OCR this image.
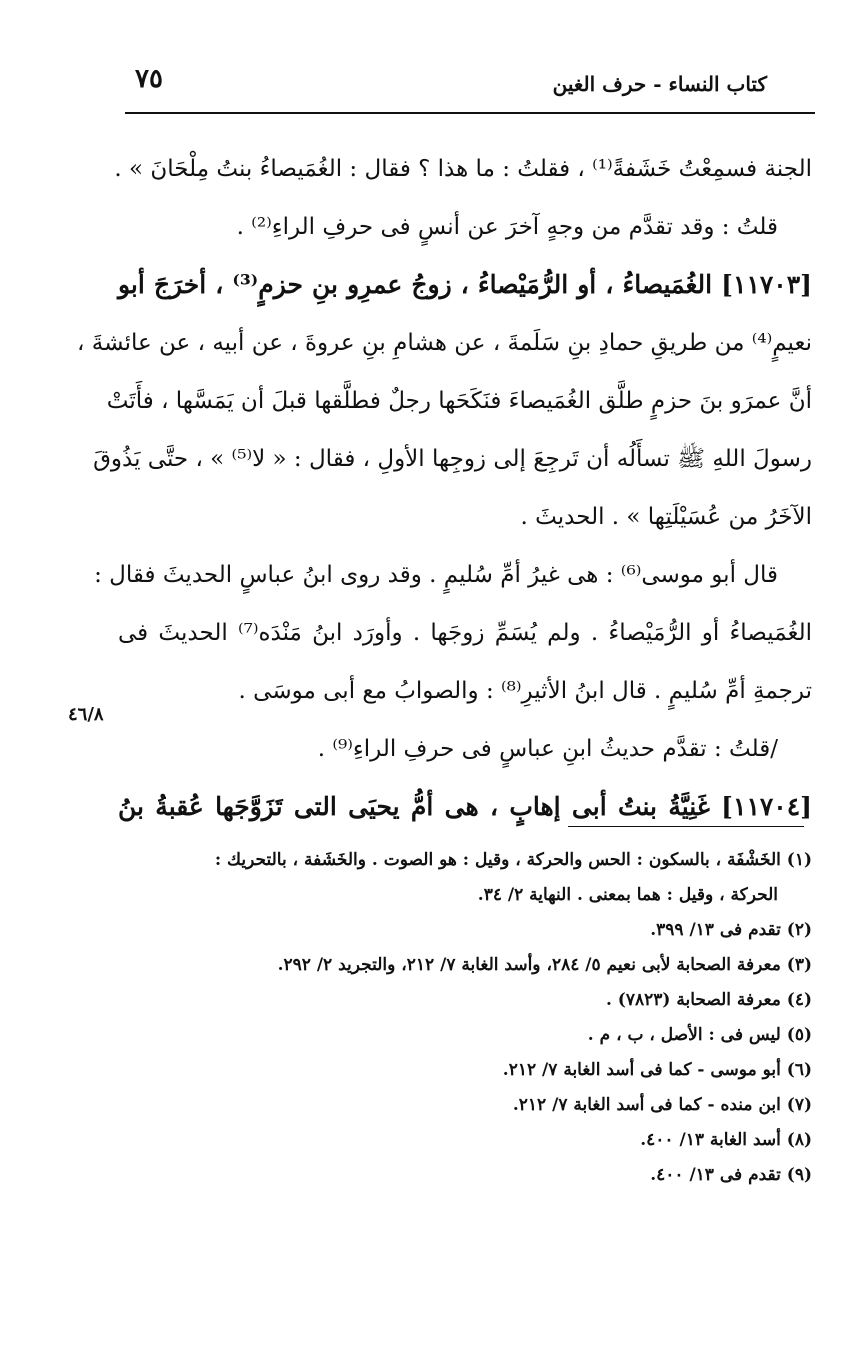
٧٥	كتاب النساء - حرف الغين
الجنة فسمِعْتُ خَشَفةً⁽¹⁾ ، فقلتُ : ما هذا ؟ فقال : الغُمَيصاءُ بنتُ مِلْحَانَ » .
قلتُ : وقد تقدَّم من وجهٍ آخرَ عن أنسٍ فى حرفِ الراءِ⁽²⁾ .
[١١٧٠٣] الغُمَيصاءُ ، أو الرُّمَيْصاءُ ، زوجُ عمرِو بنِ حزمٍ⁽³⁾ ، أخرَجَ أبو
نعيمٍ⁽⁴⁾ من طريقِ حمادِ بنِ سَلَمةَ ، عن هشامِ بنِ عروةَ ، عن أبيه ، عن عائشةَ ،
أنَّ عمرَو بنَ حزمٍ طلَّق الغُمَيصاءَ فنَكَحَها رجلٌ فطلَّقها قبلَ أن يَمَسَّها ، فأَتَتْ
رسولَ اللهِ ﷺ تسأَلُه أن تَرجِعَ إلى زوجِها الأولِ ، فقال : « لا⁽⁵⁾ » ، حتَّى يَذُوقَ
الآخَرُ من عُسَيْلَتِها » . الحديثَ .
قال أبو موسى⁽⁶⁾ : هى غيرُ أمِّ سُليمٍ . وقد روى ابنُ عباسٍ الحديثَ فقال :
الغُمَيصاءُ أو الرُّمَيْصاءُ . ولم يُسَمِّ زوجَها . وأورَد ابنُ مَنْدَه⁽⁷⁾ الحديثَ فى
ترجمةِ أمِّ سُليمٍ . قال ابنُ الأثيرِ⁽⁸⁾ : والصوابُ مع أبى موسَى .
/قلتُ : تقدَّم حديثُ ابنِ عباسٍ فى حرفِ الراءِ⁽⁹⁾ .
[١١٧٠٤] غَنِيَّةُ بنتُ أبى إهابٍ ، هى أمُّ يحيَى التى تَزَوَّجَها عُقبةُ بنُ
٤٦/٨
(١) الخَشْفَة ، بالسكون : الحس والحركة ، وقيل : هو الصوت . والخَشَفة ، بالتحريك :
الحركة ، وقيل : هما بمعنى . النهاية ٢/ ٣٤.
(٢) تقدم فى ١٣/ ٣٩٩.
(٣) معرفة الصحابة لأبى نعيم ٥/ ٢٨٤، وأسد الغابة ٧/ ٢١٢، والتجريد ٢/ ٢٩٢.
(٤) معرفة الصحابة (٧٨٢٣) .
(٥) ليس فى : الأصل ، ب ، م .
(٦) أبو موسى - كما فى أسد الغابة ٧/ ٢١٢.
(٧) ابن منده - كما فى أسد الغابة ٧/ ٢١٢.
(٨) أسد الغابة ١٣/ ٤٠٠.
(٩) تقدم فى ١٣/ ٤٠٠.
